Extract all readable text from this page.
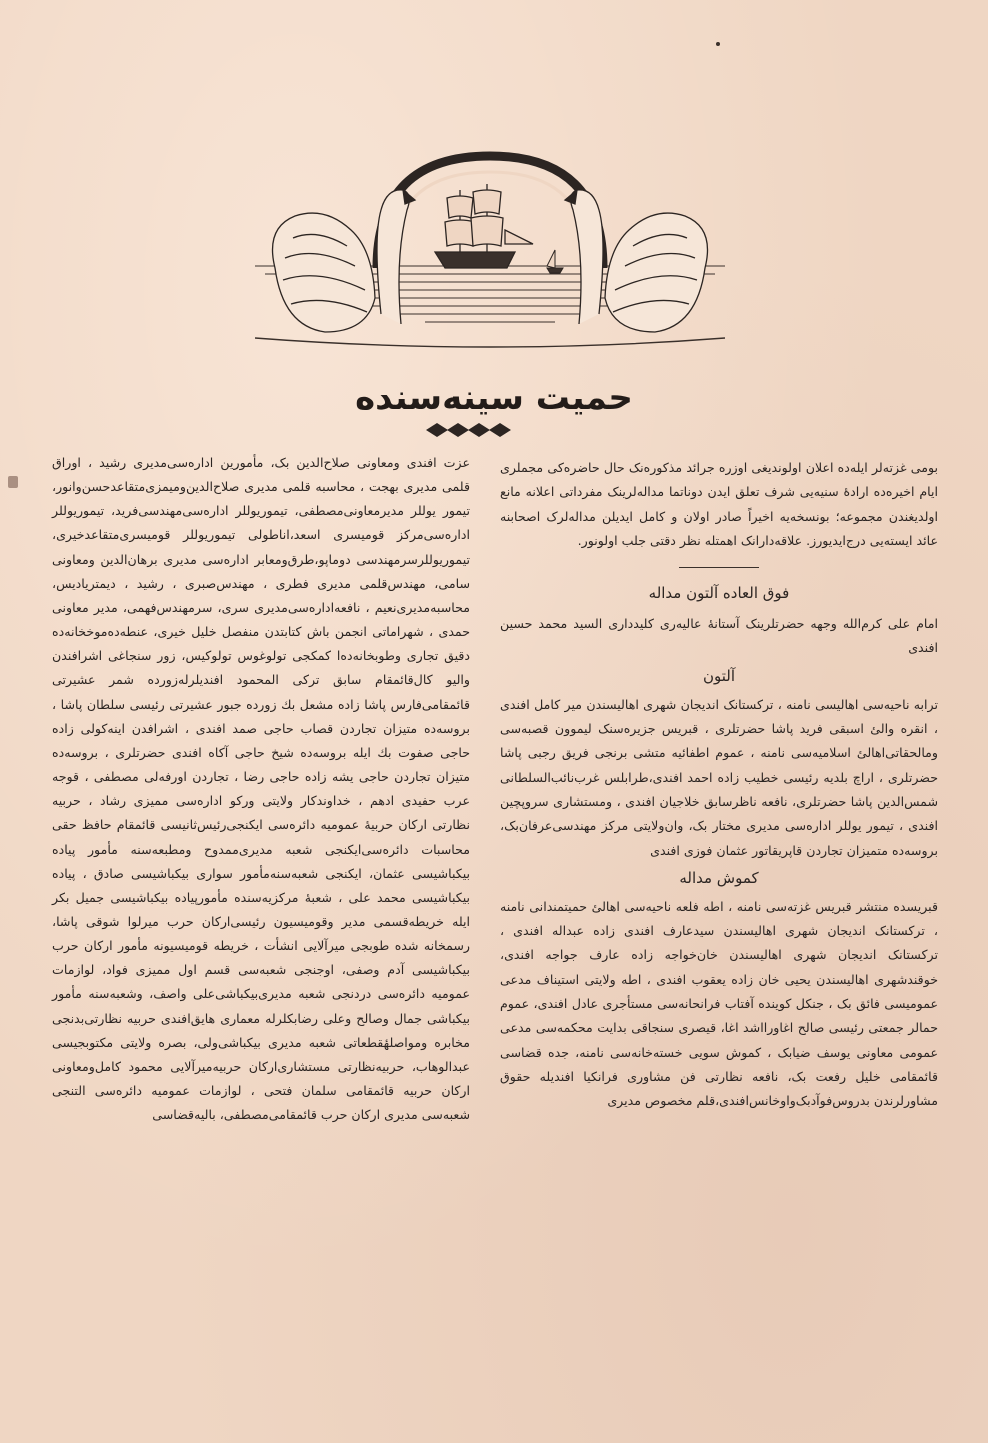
حمیت سینه‌سنده

بومی غزته‌لر ایله‌ده اعلان اولوندیغی اوزره جرائد مذکوره‌نک حال حاضره‌کی مجملری ایام اخیره‌ده ارادهٔ سنیه‌یی شرف تعلق ایدن دوناتما مداله‌لرینک مفرداتی اعلانه مانع اولدیغندن مجموعه؛ بونسخه‌یه اخیراً صادر اولان و کامل ایدیلن مداله‌لرک اصحابنه عائد ایسته‌یی درج‌ایدیورز. علاقه‌دارانک اهمتله نظر دقتی جلب اولونور.

فوق العاده آلتون مداله

امام علی کرم‌الله وجهه حضرتلرینک آستانهٔ عالیه‌ری کلیدداری السید محمد حسین افندی

آلتون

ترابه ناحیه‌سی اهالیسی نامنه ، ترکستانک اندیجان شهری اهالیسندن میر کامل افندی ، انقره والئ اسبقی فرید پاشا حضرتلری ، قبریس جزیره‌سنک لیموون قصبه‌سی ومالحقاتی‌اهالئ اسلامیه‌سی نامنه ، عموم اطفائیه متشی برنجی فریق رجبی پاشا حضرتلری ، اراچ بلدیه رئیسی خطیب زاده احمد افندی،طرابلس غرب‌نائب‌السلطانی شمس‌الدین پاشا حضرتلری، نافعه ناظرسابق خلاجیان افندی ، ومستشاری سروپچین افندی ، تیمور یوللر اداره‌سی مدیری مختار بک، وان‌ولایتی مرکز مهندسی‌عرفان‌بک، بروسه‌ده متمیزان تجاردن قاپریقاتور عثمان فوزی افندی

کموش مداله

قبریسده منتشر قبریس غزته‌سی نامنه ، اطه فلعه ناحیه‌سی اهالئ حمیتمندانی نامنه ، ترکستانک اندیجان شهری اهالیسندن سیدعارف افندی زاده عبداله افندی ، ترکستانک اندیجان شهری اهالیسندن خان‌خواجه زاده عارف جواجه افندی، خوقندشهری اهالیسندن یحیی خان زاده یعقوب افندی ، اطه ولایتی استیناف مدعی عمومیسی فائق بک ، جنکل کوینده آفتاب فرانحانه‌سی مستأجری عادل افندی، عموم حمالر جمعتی رئیسی صالح اغاورااشد اغا، قیصری سنجاقی بدایت محکمه‌سی مدعی عمومی معاونی یوسف ضیابک ، کموش سویی خسته‌خانه‌سی نامنه، جده قضاسی قائمقامی خلیل رفعت بک، نافعه نظارتی فن مشاوری فرانکیا افندیله حقوق مشاورلرندن بدروس‌فوآدبک‌واوخانس‌افندی،قلم مخصوص مدیری

عزت افندی ومعاونی صلاح‌الدین بک، مأمورین اداره‌سی‌مدیری رشید ، اوراق قلمی مدیری بهجت ، محاسبه قلمی مدیری صلاح‌الدین‌ومیمزی‌متقاعدحسن‌وانور، تیمور یوللر مدیرمعاونی‌مصطفی، تیموریوللر اداره‌سی‌مهندسی‌فرید، تیموریوللر اداره‌سی‌مرکز قومیسری اسعد،اناطولی تیموریوللر قومیسری‌متقاعدخیری، تیموریوللرسرمهندسی دوماپو،طرق‌ومعابر اداره‌سی مدیری برهان‌الدین ومعاونی سامی، مهندس‌قلمی مدیری فطری ، مهندس‌صبری ، رشید ، دیمتریادیس، محاسبه‌مدیری‌نعیم ، نافعه‌اداره‌سی‌مدیری سری، سرمهندس‌فهمی، مدیر معاونی حمدی ، شهراماتی انجمن باش کتابتدن منفصل خلیل خیری، عنطه‌ده‌موخخانه‌ده دقیق تجاری وطوبخانه‌ده‌ا کمکجی تولوغوس تولوکیس، زور سنجاغی اشرافندن والیو کال‌قائمقام سابق ترکی المحمود افندیلرله‌زورده شمر عشیرتی قائمقامی‌فارس پاشا زاده مشعل بك زورده جبور عشیرتی رئیسی سلطان پاشا ، بروسه‌ده متیزان تجاردن قصاب حاجی صمد افندی ، اشرافدن اینه‌کولی زاده حاجی صفوت بك ایله بروسه‌ده شیخ حاجی آکاه افندی حضرتلری ، بروسه‌ده متیزان تجاردن حاجی یشه زاده حاجی رضا ، تجاردن اورفه‌لی مصطفی ، قوجه عرب حفیدی ادهم ، خداوندکار ولایتی ورکو اداره‌سی ممیزی رشاد ، حربیه نظارتی ارکان حربیهٔ عمومیه دائره‌سی ایکنجی‌رئیس‌ثانیسی قائمقام حافظ حقی محاسبات دائره‌سی‌ایکنجی شعبه مدیری‌ممدوح ومطبعه‌سنه مأمور پیاده بیکباشیسی عثمان، ایکنجی شعبه‌سنه‌مأمور سواری بیکباشیسی صادق ، پیاده بیکباشیسی محمد علی ، شعبهٔ مرکزیه‌سنده مأمورپیاده بیکباشیسی جمیل بکر ایله خریطه‌قسمی مدیر وقومیسیون رئیسی‌ارکان حرب میرلوا شوقی پاشا، رسمخانه شده طوبجی میرآلایی انشأت ، خریطه قومیسیونه مأمور ارکان حرب بیکباشیسی آدم وصفی، اوجنجی شعبه‌سی قسم اول ممیزی فواد، لوازمات عمومیه دائره‌سی دردنجی شعبه مدیری‌بیکباشی‌علی واصف، وشعبه‌سنه مأمور بیکباشی جمال وصالح وعلی رضابکلرله معماری هایق‌افندی حربیه نظارتی‌بدنجی مخابره ومواصلهٔقطعاتی شعبه مدیری بیکباشی‌ولی، بصره ولایتی مکتوبجیسی عبدالوهاب، حربیه‌نظارتی مستشاری‌ارکان حربیه‌میرآلایی محمود کامل‌ومعاونی ارکان حربیه قائمقامی سلمان فتحی ، لوازمات عمومیه دائره‌سی التنجی شعبه‌سی مدیری ارکان حرب قائمقامی‌مصطفی، بالیه‌قضاسی
